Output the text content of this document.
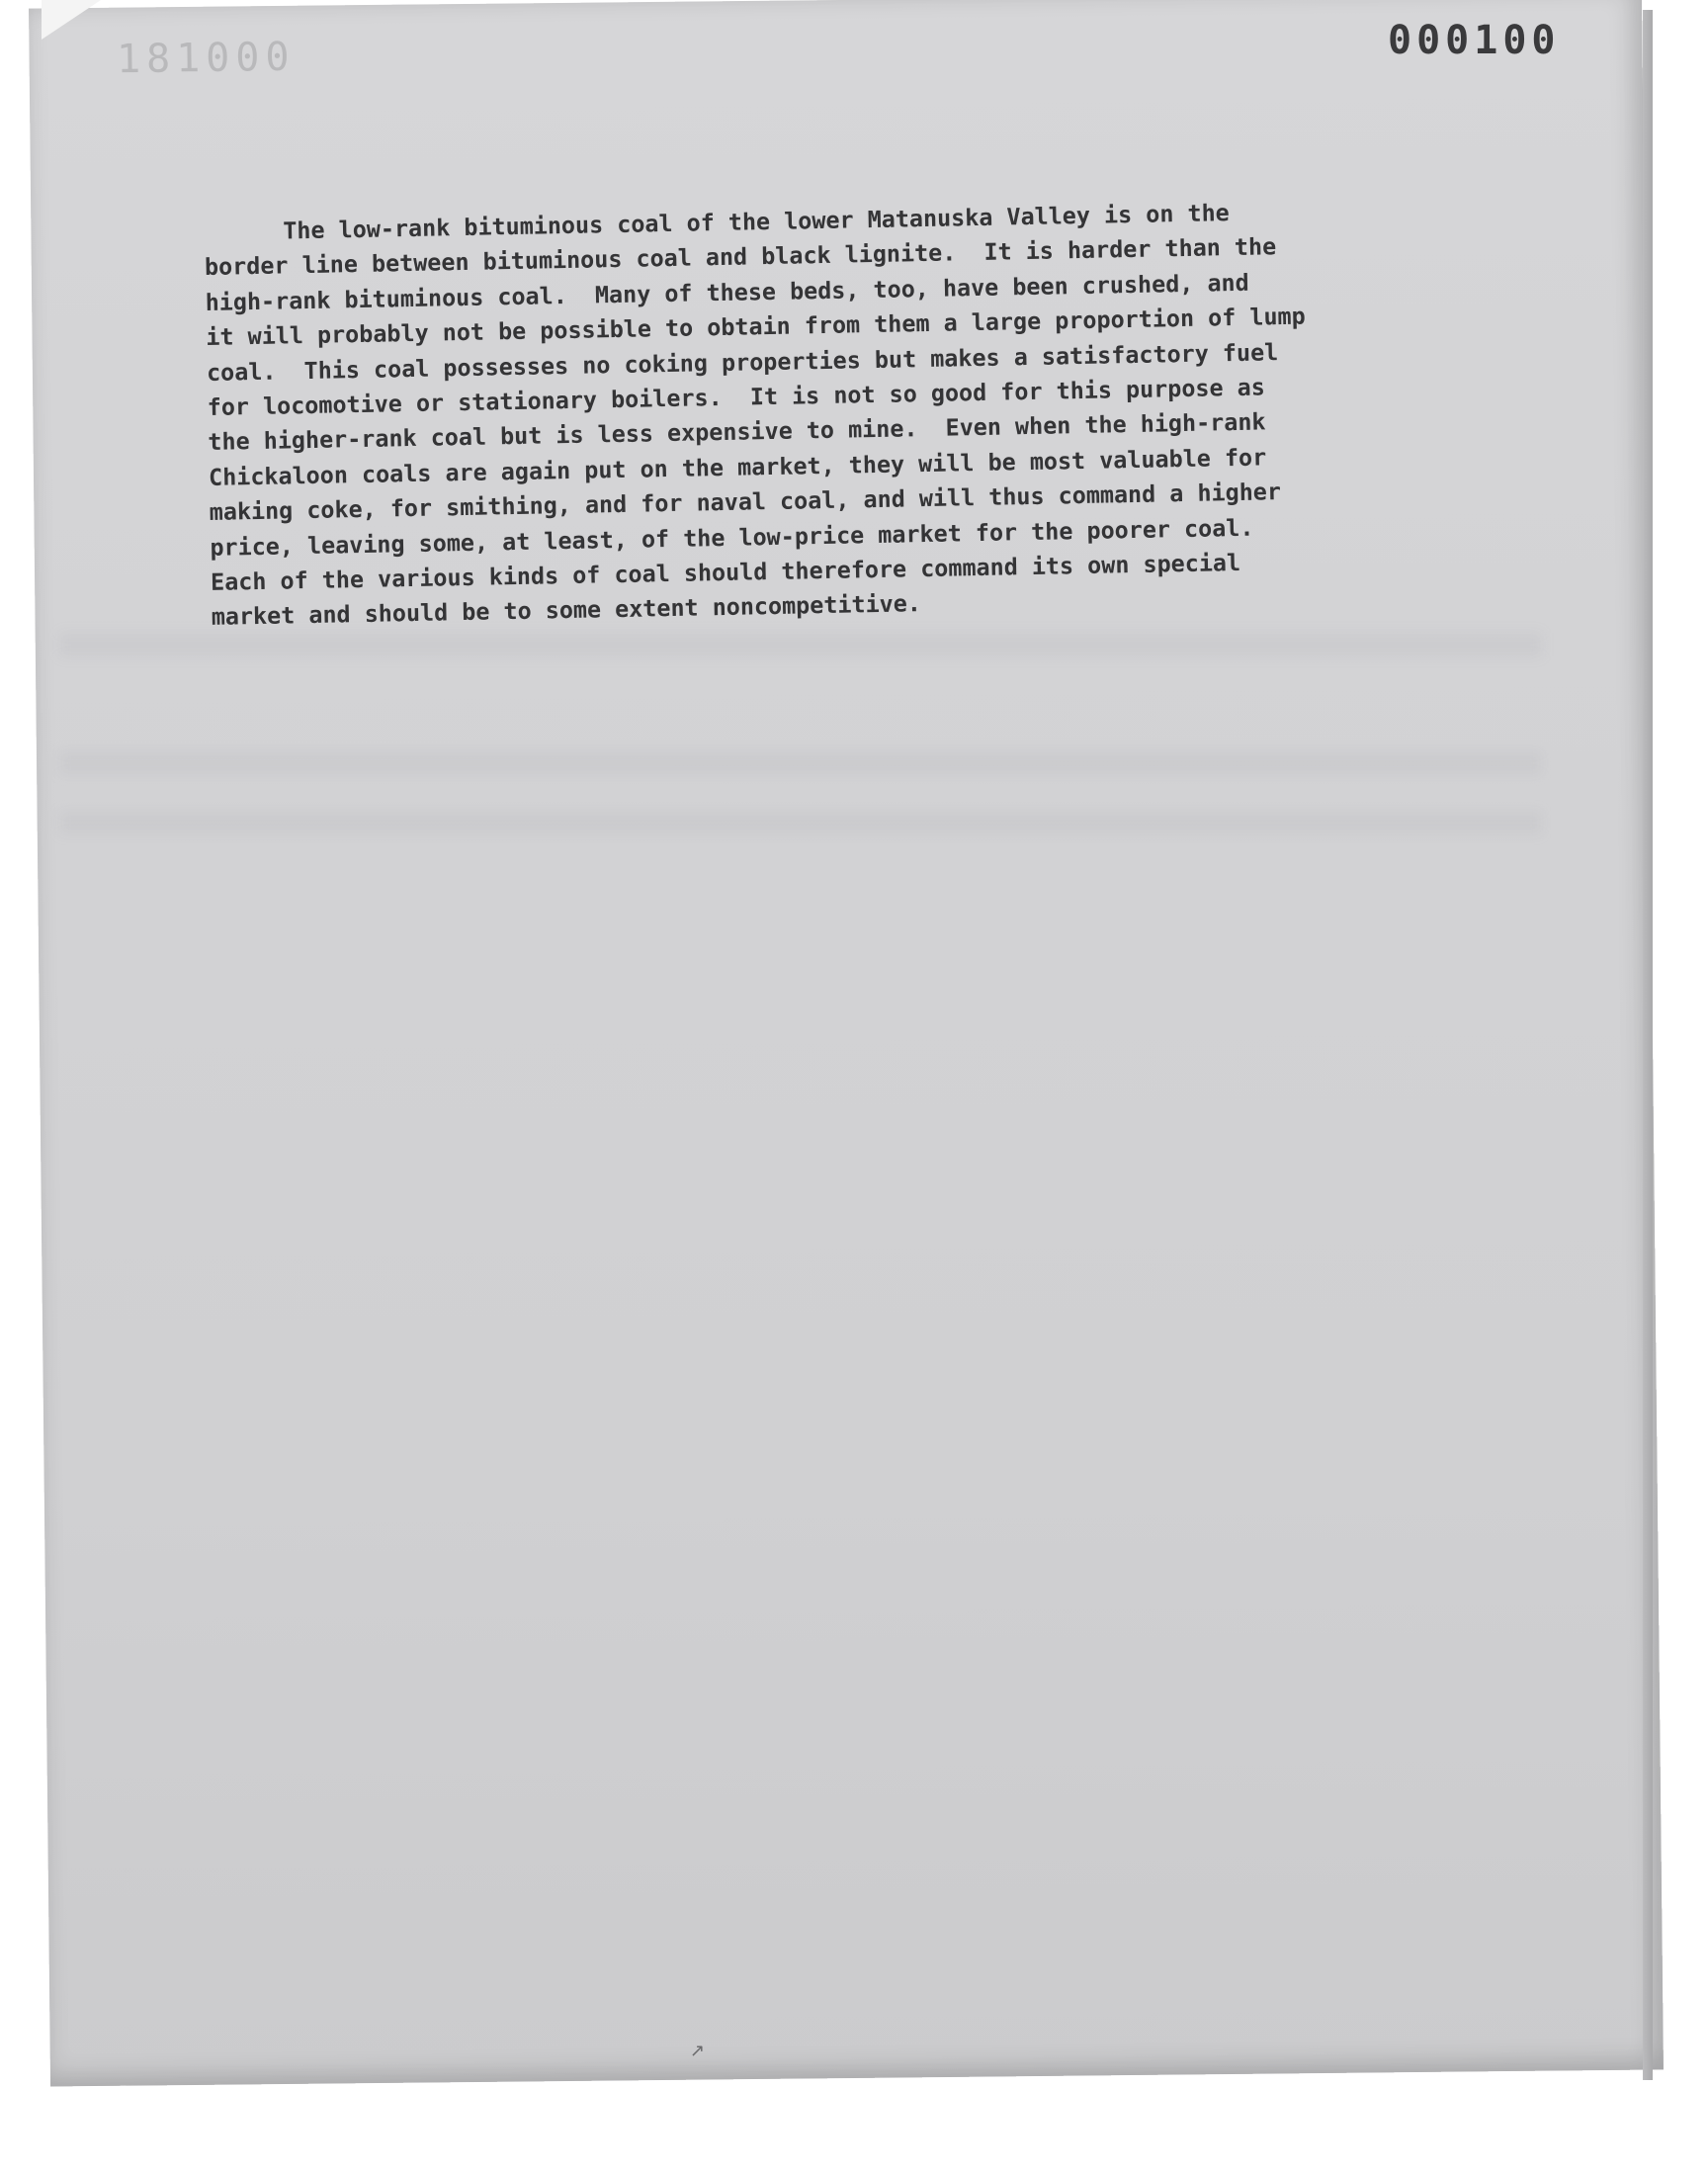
181000	000100
The low-rank bituminous coal of the lower Matanuska Valley is on the
border line between bituminous coal and black lignite.  It is harder than the
high-rank bituminous coal.  Many of these beds, too, have been crushed, and
it will probably not be possible to obtain from them a large proportion of lump
coal.  This coal possesses no coking properties but makes a satisfactory fuel
for locomotive or stationary boilers.  It is not so good for this purpose as
the higher-rank coal but is less expensive to mine.  Even when the high-rank
Chickaloon coals are again put on the market, they will be most valuable for
making coke, for smithing, and for naval coal, and will thus command a higher
price, leaving some, at least, of the low-price market for the poorer coal.
Each of the various kinds of coal should therefore command its own special
market and should be to some extent noncompetitive.
↗
